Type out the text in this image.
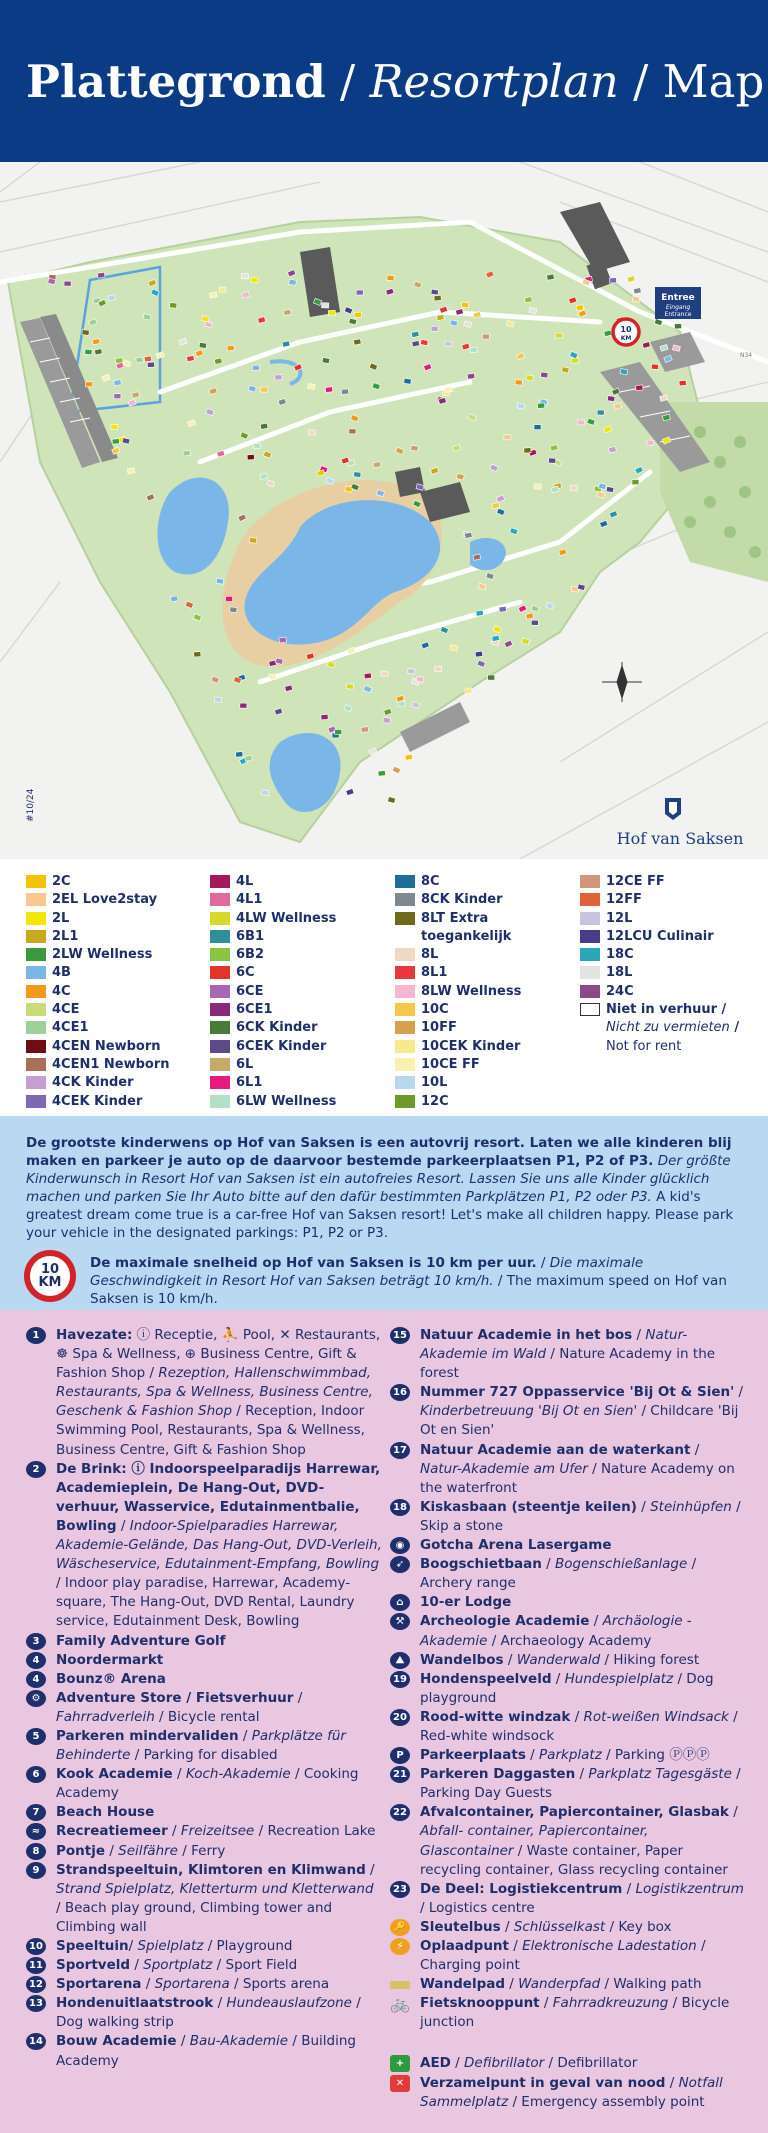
Plattegrond / Resortplan / Map
Entree
Eingang
Entrance
10
KM
N34
#10/24
Hof van Saksen
2C
2EL Love2stay
2L
2L1
2LW Wellness
4B
4C
4CE
4CE1
4CEN Newborn
4CEN1 Newborn
4CK Kinder
4CEK Kinder
4L
4L1
4LW Wellness
6B1
6B2
6C
6CE
6CE1
6CK Kinder
6CEK Kinder
6L
6L1
6LW Wellness
8C
8CK Kinder
8LT Extra toegankelijk
8L
8L1
8LW Wellness
10C
10FF
10CEK Kinder
10CE FF
10L
12C
12CE FF
12FF
12L
12LCU Culinair
18C
18L
24C
Niet in verhuur / Nicht zu vermieten / Not for rent
De grootste kinderwens op Hof van Saksen is een autovrij resort. Laten we alle kinderen blij maken en parkeer je auto op de daarvoor bestemde parkeerplaatsen P1, P2 of P3. Der größte Kinderwunsch in Resort Hof van Saksen ist ein autofreies Resort. Lassen Sie uns alle Kinder glücklich machen und parken Sie Ihr Auto bitte auf den dafür bestimmten Parkplätzen P1, P2 oder P3. A kid's greatest dream come true is a car-free Hof van Saksen resort! Let's make all children happy. Please park your vehicle in the designated parkings: P1, P2 or P3.
10
KM
De maximale snelheid op Hof van Saksen is 10 km per uur. / Die maximale Geschwindigkeit in Resort Hof van Saksen beträgt 10 km/h. / The maximum speed on Hof van Saksen is 10 km/h.
1	Havezate: ⓘ Receptie, ⛹ Pool, ✕ Restaurants, ☸ Spa & Wellness, ⊕ Business Centre, Gift & Fashion Shop / Rezeption, Hallenschwimmbad, Restaurants, Spa & Wellness, Business Centre, Geschenk & Fashion Shop / Reception, Indoor Swimming Pool, Restaurants, Spa & Wellness, Business Centre, Gift & Fashion Shop
2	De Brink: ⓘ Indoorspeelparadijs Harrewar, Academieplein, De Hang-Out, DVD-verhuur, Wasservice, Edutainmentbalie, Bowling / Indoor-Spielparadies Harrewar, Akademie-Gelände, Das Hang-Out, DVD-Verleih, Wäscheservice, Edutainment-Empfang, Bowling / Indoor play paradise, Harrewar, Academy-square, The Hang-Out, DVD Rental, Laundry service, Edutainment Desk, Bowling
3	Family Adventure Golf
4	Noordermarkt
4	Bounz® Arena
⚙	Adventure Store / Fietsverhuur / Fahrradverleih / Bicycle rental
5	Parkeren mindervaliden / Parkplätze für Behinderte / Parking for disabled
6	Kook Academie / Koch-Akademie / Cooking Academy
7	Beach House
≈	Recreatiemeer / Freizeitsee / Recreation Lake
8	Pontje / Seilfähre / Ferry
9	Strandspeeltuin, Klimtoren en Klimwand / Strand Spielplatz, Kletterturm und Kletterwand / Beach play ground, Climbing tower and Climbing wall
10 Speeltuin/ Spielplatz / Playground
11 Sportveld / Sportplatz / Sport Field
12 Sportarena / Sportarena / Sports arena
13 Hondenuitlaatstrook / Hundeauslaufzone / Dog walking strip
14 Bouw Academie / Bau-Akademie / Building Academy
15 Natuur Academie in het bos / Natur-Akademie im Wald / Nature Academy in the forest
16 Nummer 727 Oppasservice 'Bij Ot & Sien' / Kinderbetreuung 'Bij Ot en Sien' / Childcare 'Bij Ot en Sien'
17 Natuur Academie aan de waterkant / Natur-Akademie am Ufer / Nature Academy on the waterfront
18 Kiskasbaan (steentje keilen) / Steinhüpfen / Skip a stone
◉	Gotcha Arena Lasergame
➶	Boogschietbaan / Bogenschießanlage / Archery range
⌂	10-er Lodge
⚒	Archeologie Academie / Archäologie -Akademie / Archaeology Academy
⛰	Wandelbos / Wanderwald / Hiking forest
19 Hondenspeelveld / Hundespielplatz / Dog playground
20 Rood-witte windzak / Rot-weißen Windsack / Red-white windsock
P	Parkeerplaats / Parkplatz / Parking ⓅⓅⓅ
21 Parkeren Daggasten / Parkplatz Tagesgäste / Parking Day Guests
22 Afvalcontainer, Papiercontainer, Glasbak / Abfall- container, Papiercontainer, Glascontainer / Waste container, Paper recycling container, Glass recycling container
23 De Deel: Logistiekcentrum / Logistikzentrum / Logistics centre
🔑 Sleutelbus / Schlüsselkast / Key box
⚡	Oplaadpunt / Elektronische Ladestation / Charging point
Wandelpad / Wanderpfad / Walking path
🚲 Fietsknooppunt / Fahrradkreuzung / Bicycle junction
+	AED / Defibrillator / Defibrillator
✕	Verzamelpunt in geval van nood / Notfall Sammelplatz / Emergency assembly point
